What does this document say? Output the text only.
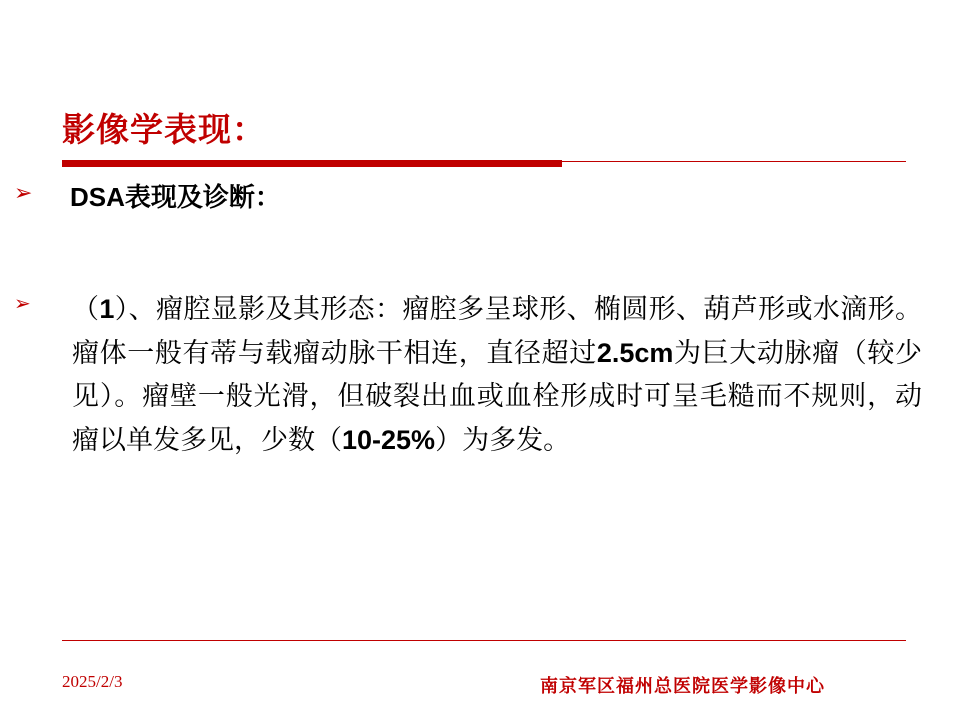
影像学表现：
➢	DSA表现及诊断：
➢	（1）、瘤腔显影及其形态：瘤腔多呈球形、椭圆形、葫芦形或水滴形。瘤体一般有蒂与载瘤动脉干相连，直径超过2.5cm为巨大动脉瘤（较少见）。瘤壁一般光滑，但破裂出血或血栓形成时可呈毛糙而不规则，动瘤以单发多见，少数（10-25%）为多发。
2025/2/3	南京军区福州总医院医学影像中心
